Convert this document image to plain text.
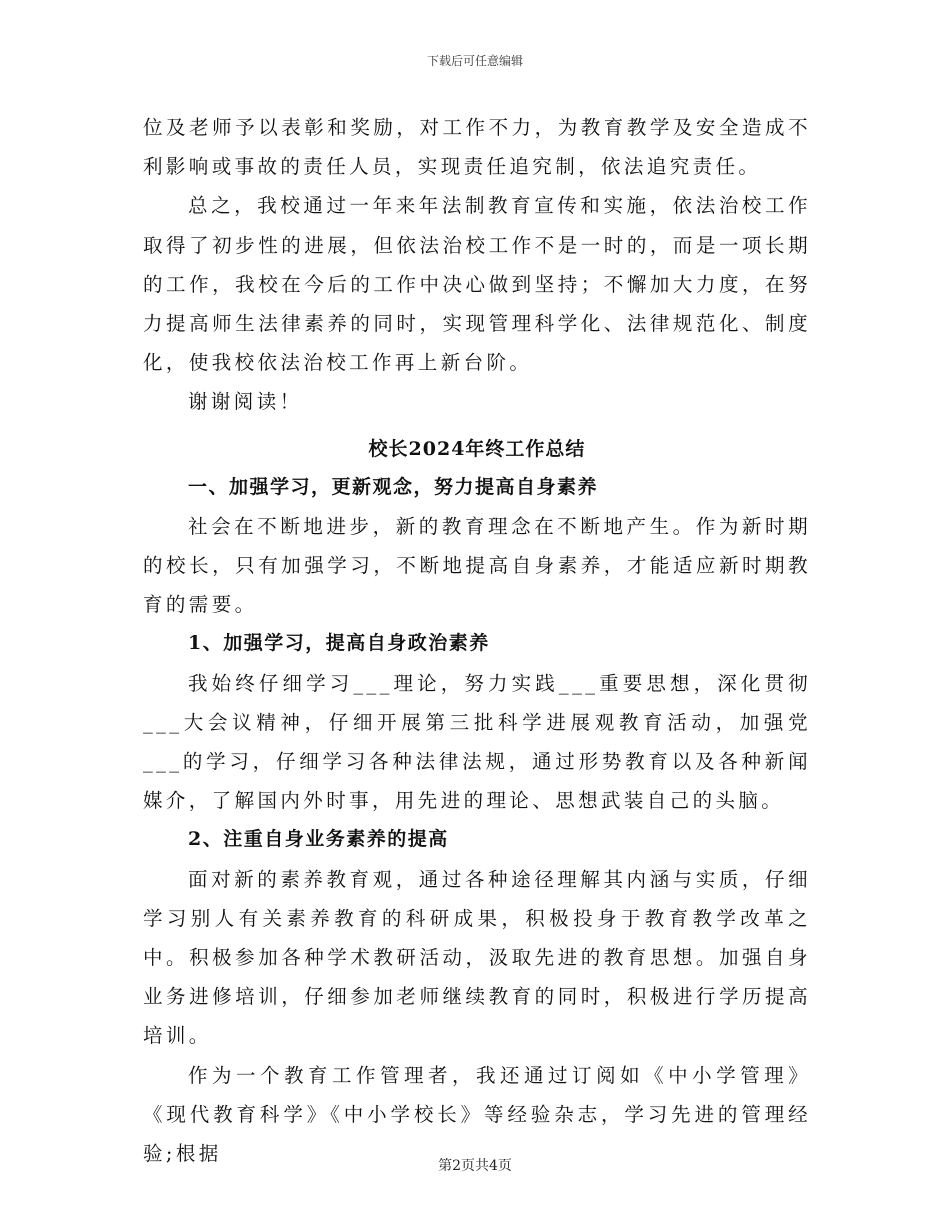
下载后可任意编辑

位及老师予以表彰和奖励，对工作不力，为教育教学及安全造成不利影响或事故的责任人员，实现责任追究制，依法追究责任。

总之，我校通过一年来年法制教育宣传和实施，依法治校工作取得了初步性的进展，但依法治校工作不是一时的，而是一项长期的工作，我校在今后的工作中决心做到坚持；不懈加大力度，在努力提高师生法律素养的同时，实现管理科学化、法律规范化、制度化，使我校依法治校工作再上新台阶。

谢谢阅读！

校长2024年终工作总结

一、加强学习，更新观念，努力提高自身素养

社会在不断地进步，新的教育理念在不断地产生。作为新时期的校长，只有加强学习，不断地提高自身素养，才能适应新时期教育的需要。

1、加强学习，提高自身政治素养

我始终仔细学习___理论，努力实践___重要思想，深化贯彻___大会议精神，仔细开展第三批科学进展观教育活动，加强党___的学习，仔细学习各种法律法规，通过形势教育以及各种新闻媒介，了解国内外时事，用先进的理论、思想武装自己的头脑。

2、注重自身业务素养的提高

面对新的素养教育观，通过各种途径理解其内涵与实质，仔细学习别人有关素养教育的科研成果，积极投身于教育教学改革之中。积极参加各种学术教研活动，汲取先进的教育思想。加强自身业务进修培训，仔细参加老师继续教育的同时，积极进行学历提高培训。

作为一个教育工作管理者，我还通过订阅如《中小学管理》《现代教育科学》《中小学校长》等经验杂志，学习先进的管理经验;根据

第2页共4页
